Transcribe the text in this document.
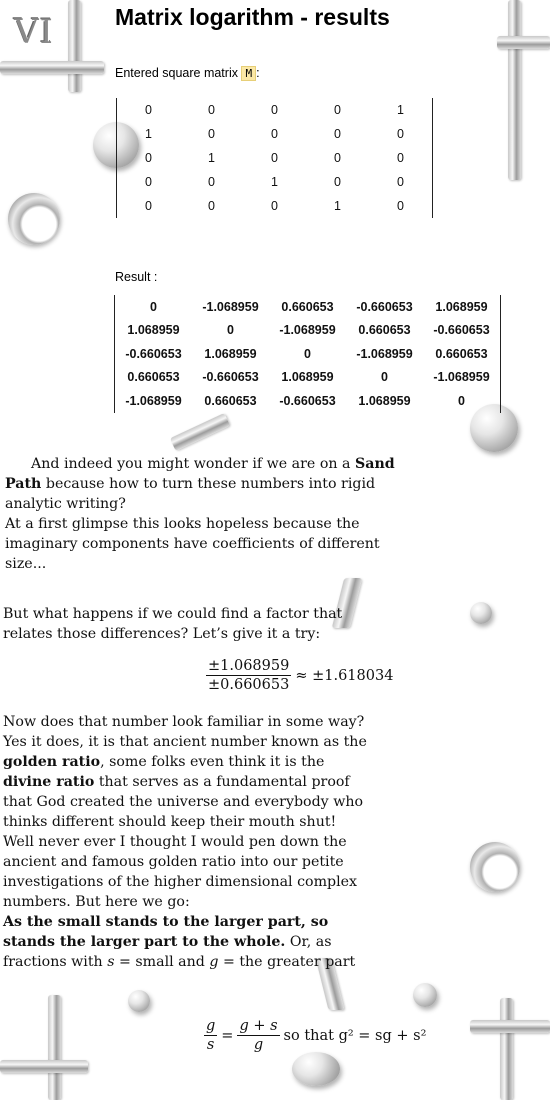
VI	Matrix logarithm - results
Entered square matrix M :
0	0	0	0	1
1	0	0	0	0
0	1	0	0	0
0	0	1	0	0
0	0	0	1	0
Result :
0	-1.068959	0.660653	-0.660653	1.068959
1.068959	0	-1.068959	0.660653	-0.660653
-0.660653	1.068959	0	-1.068959	0.660653
0.660653	-0.660653	1.068959	0	-1.068959
-1.068959	0.660653	-0.660653	1.068959	0

And indeed you might wonder if we are on a Sand Path because how to turn these numbers into rigid analytic writing?

At a first glimpse this looks hopeless because the imaginary components have coefficients of different size...

But what happens if we could find a factor that relates those differences? Let’s give it a try:
$\frac{\pm 1.068959}{\pm 0.660653} \approx \pm 1.618034$

Now does that number look familiar in some way? Yes it does, it is that ancient number known as the golden ratio, some folks even think it is the divine ratio that serves as a fundamental proof that God created the universe and everybody who thinks different should keep their mouth shut!

Well never ever I thought I would pen down the ancient and famous golden ratio into our petite investigations of the higher dimensional complex numbers. But here we go:

As the small stands to the larger part, so stands the larger part to the whole. Or, as fractions with s = small and g = the greater part

$\frac{g}{s} = \frac{g + s}{g}$ so that g² = sg + s²
